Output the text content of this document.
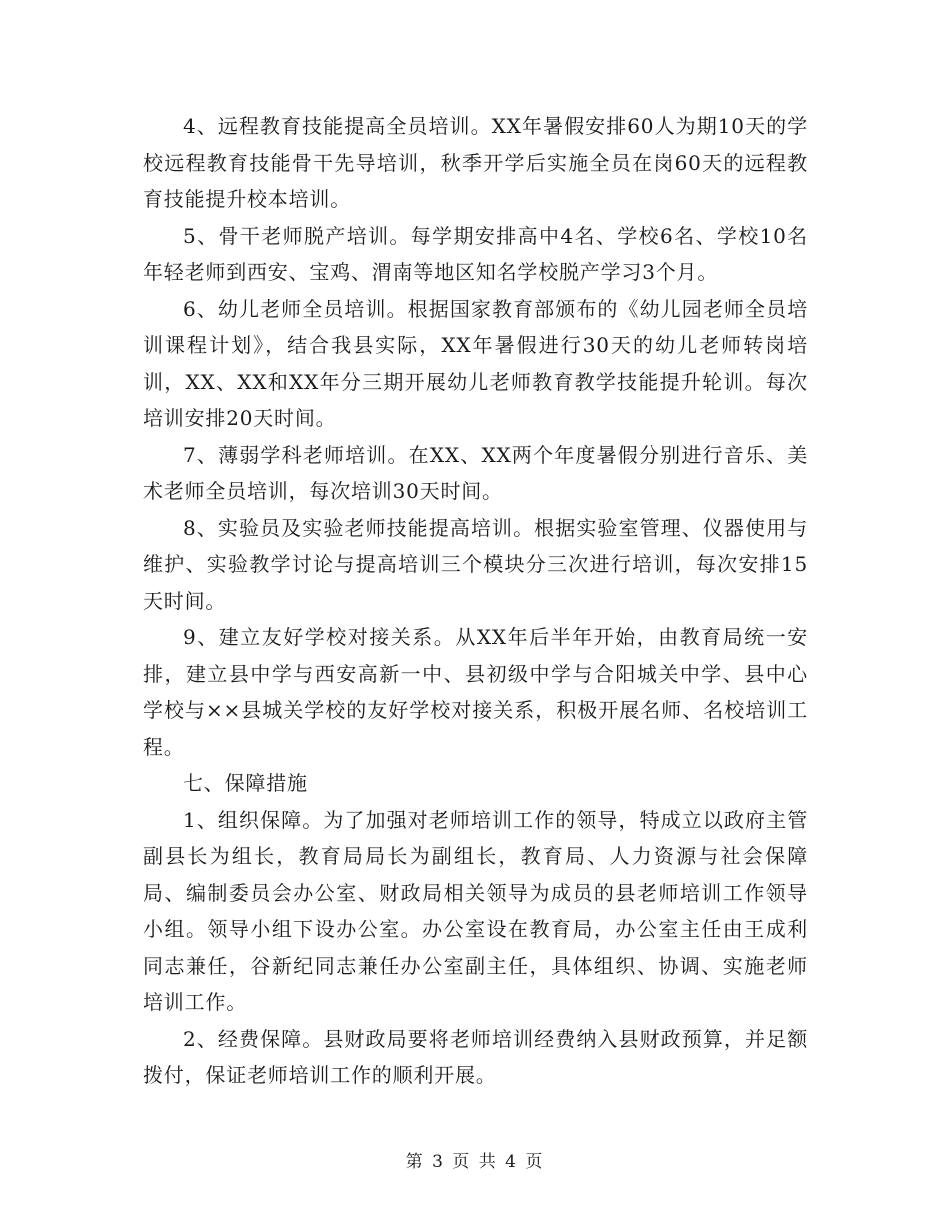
4、远程教育技能提高全员培训。XX年暑假安排60人为期10天的学校远程教育技能骨干先导培训，秋季开学后实施全员在岗60天的远程教育技能提升校本培训。

5、骨干老师脱产培训。每学期安排高中4名、学校6名、学校10名年轻老师到西安、宝鸡、渭南等地区知名学校脱产学习3个月。

6、幼儿老师全员培训。根据国家教育部颁布的《幼儿园老师全员培训课程计划》，结合我县实际，XX年暑假进行30天的幼儿老师转岗培训，XX、XX和XX年分三期开展幼儿老师教育教学技能提升轮训。每次培训安排20天时间。

7、薄弱学科老师培训。在XX、XX两个年度暑假分别进行音乐、美术老师全员培训，每次培训30天时间。

8、实验员及实验老师技能提高培训。根据实验室管理、仪器使用与维护、实验教学讨论与提高培训三个模块分三次进行培训，每次安排15天时间。

9、建立友好学校对接关系。从XX年后半年开始，由教育局统一安排，建立县中学与西安高新一中、县初级中学与合阳城关中学、县中心学校与××县城关学校的友好学校对接关系，积极开展名师、名校培训工程。

七、保障措施

1、组织保障。为了加强对老师培训工作的领导，特成立以政府主管副县长为组长，教育局局长为副组长，教育局、人力资源与社会保障局、编制委员会办公室、财政局相关领导为成员的县老师培训工作领导小组。领导小组下设办公室。办公室设在教育局，办公室主任由王成利同志兼任，谷新纪同志兼任办公室副主任，具体组织、协调、实施老师培训工作。

2、经费保障。县财政局要将老师培训经费纳入县财政预算，并足额拨付，保证老师培训工作的顺利开展。

第 3 页 共 4 页
